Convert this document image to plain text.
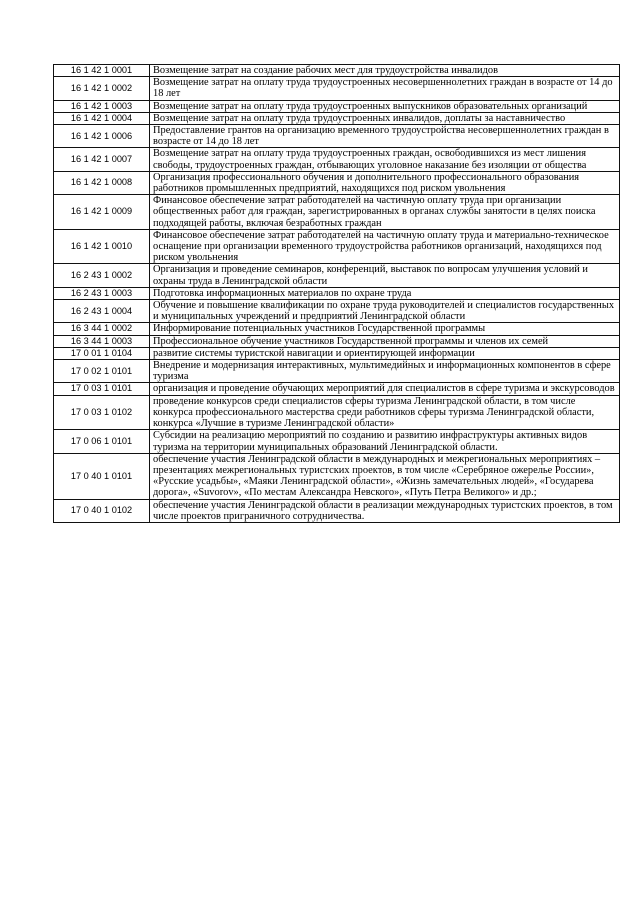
16 1 42 1 0001	Возмещение затрат на создание рабочих мест для трудоустройства инвалидов
16 1 42 1 0002	Возмещение затрат на оплату труда трудоустроенных несовершеннолетних граждан в возрасте от 14 до 18 лет
16 1 42 1 0003	Возмещение затрат на оплату труда трудоустроенных выпускников образовательных организаций
16 1 42 1 0004	Возмещение затрат на оплату труда трудоустроенных инвалидов, доплаты за наставничество
16 1 42 1 0006	Предоставление грантов на организацию временного трудоустройства несовершеннолетних граждан в возрасте от 14 до 18 лет
16 1 42 1 0007	Возмещение затрат на оплату труда трудоустроенных граждан, освободившихся из мест лишения свободы, трудоустроенных граждан, отбывающих уголовное наказание без изоляции от общества
16 1 42 1 0008	Организация профессионального обучения и дополнительного профессионального образования работников промышленных предприятий, находящихся под риском увольнения
16 1 42 1 0009	Финансовое обеспечение затрат работодателей на частичную оплату труда при организации общественных работ для граждан, зарегистрированных в органах службы занятости в целях поиска подходящей работы, включая безработных граждан
16 1 42 1 0010	Финансовое обеспечение затрат работодателей на частичную оплату труда и материально-техническое оснащение при организации временного трудоустройства работников организаций, находящихся под риском увольнения
16 2 43 1 0002	Организация и проведение семинаров, конференций, выставок по вопросам улучшения условий и охраны труда в Ленинградской области
16 2 43 1 0003	Подготовка информационных материалов по охране труда
16 2 43 1 0004	Обучение и повышение квалификации по охране труда руководителей и специалистов государственных и муниципальных учреждений и предприятий Ленинградской области
16 3 44 1 0002	Информирование потенциальных участников Государственной программы
16 3 44 1 0003	Профессиональное обучение участников Государственной программы и членов их семей
17 0 01 1 0104	развитие системы туристской навигации и ориентирующей информации
17 0 02 1 0101	Внедрение и модернизация интерактивных, мультимедийных и информационных компонентов в сфере туризма
17 0 03 1 0101	организация и проведение обучающих мероприятий для специалистов в сфере туризма и экскурсоводов
17 0 03 1 0102	проведение конкурсов среди специалистов сферы туризма Ленинградской области, в том числе конкурса профессионального мастерства среди работников сферы туризма Ленинградской области, конкурса «Лучшие в туризме Ленинградской области»
17 0 06 1 0101	Субсидии на реализацию мероприятий по созданию и развитию инфраструктуры активных видов туризма на территории муниципальных образований Ленинградской области.
17 0 40 1 0101	обеспечение участия Ленинградской области в международных и межрегиональных мероприятиях – презентациях межрегиональных туристских проектов, в том числе «Серебряное ожерелье России», «Русские усадьбы», «Маяки Ленинградской области», «Жизнь замечательных людей», «Государева дорога», «Suvorov», «По местам Александра Невского», «Путь Петра Великого» и др.;
17 0 40 1 0102	обеспечение участия Ленинградской области в реализации международных туристских проектов, в том числе проектов приграничного сотрудничества.
